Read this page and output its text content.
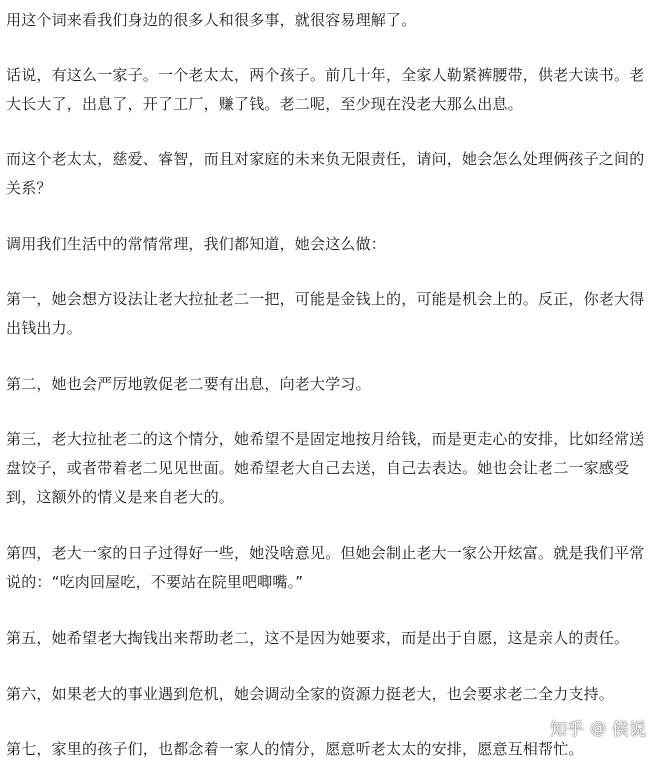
用这个词来看我们身边的很多人和很多事，就很容易理解了。

话说，有这么一家子。一个老太太，两个孩子。前几十年，全家人勒紧裤腰带，供老大读书。老大长大了，出息了，开了工厂，赚了钱。老二呢，至少现在没老大那么出息。

而这个老太太，慈爱、睿智，而且对家庭的未来负无限责任，请问，她会怎么处理俩孩子之间的关系？

调用我们生活中的常情常理，我们都知道，她会这么做：

第一，她会想方设法让老大拉扯老二一把，可能是金钱上的，可能是机会上的。反正，你老大得出钱出力。

第二，她也会严厉地敦促老二要有出息，向老大学习。

第三，老大拉扯老二的这个情分，她希望不是固定地按月给钱，而是更走心的安排，比如经常送盘饺子，或者带着老二见见世面。她希望老大自己去送，自己去表达。她也会让老二一家感受到，这额外的情义是来自老大的。

第四，老大一家的日子过得好一些，她没啥意见。但她会制止老大一家公开炫富。就是我们平常说的：“吃肉回屋吃，不要站在院里吧唧嘴。”

第五，她希望老大掏钱出来帮助老二，这不是因为她要求，而是出于自愿，这是亲人的责任。

第六，如果老大的事业遇到危机，她会调动全家的资源力挺老大，也会要求老二全力支持。

第七，家里的孩子们，也都念着一家人的情分，愿意听老太太的安排，愿意互相帮忙。

知乎 @ 侯说
